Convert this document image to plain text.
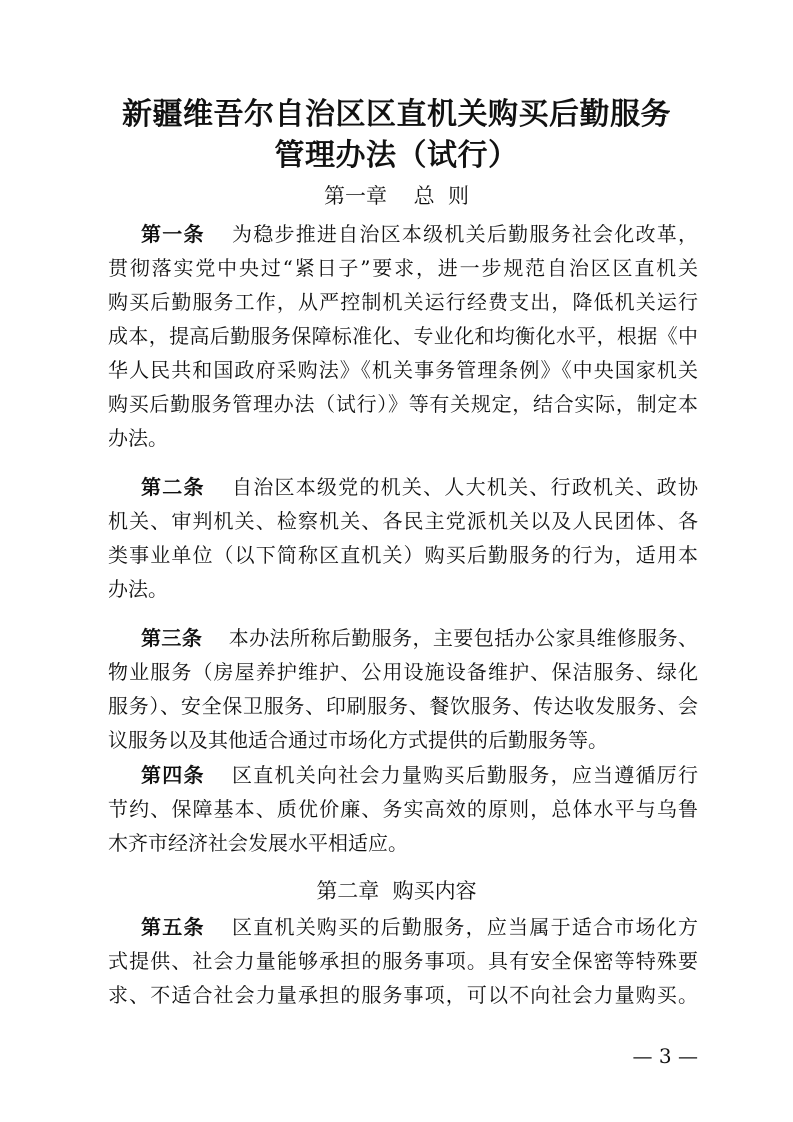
新疆维吾尔自治区区直机关购买后勤服务
管理办法（试行）
第一章 总  则
第一条 为稳步推进自治区本级机关后勤服务社会化改革，
贯彻落实党中央过“紧日子”要求，进一步规范自治区区直机关
购买后勤服务工作，从严控制机关运行经费支出，降低机关运行
成本，提高后勤服务保障标准化、专业化和均衡化水平，根据《中
华人民共和国政府采购法》《机关事务管理条例》《中央国家机关
购买后勤服务管理办法（试行）》等有关规定，结合实际，制定本
办法。
第二条 自治区本级党的机关、人大机关、行政机关、政协
机关、审判机关、检察机关、各民主党派机关以及人民团体、各
类事业单位（以下简称区直机关）购买后勤服务的行为，适用本
办法。
第三条 本办法所称后勤服务，主要包括办公家具维修服务、
物业服务（房屋养护维护、公用设施设备维护、保洁服务、绿化
服务）、安全保卫服务、印刷服务、餐饮服务、传达收发服务、会
议服务以及其他适合通过市场化方式提供的后勤服务等。
第四条 区直机关向社会力量购买后勤服务，应当遵循厉行
节约、保障基本、质优价廉、务实高效的原则，总体水平与乌鲁
木齐市经济社会发展水平相适应。
第二章 购买内容
第五条 区直机关购买的后勤服务，应当属于适合市场化方
式提供、社会力量能够承担的服务事项。具有安全保密等特殊要
求、不适合社会力量承担的服务事项，可以不向社会力量购买。
— 3 —
